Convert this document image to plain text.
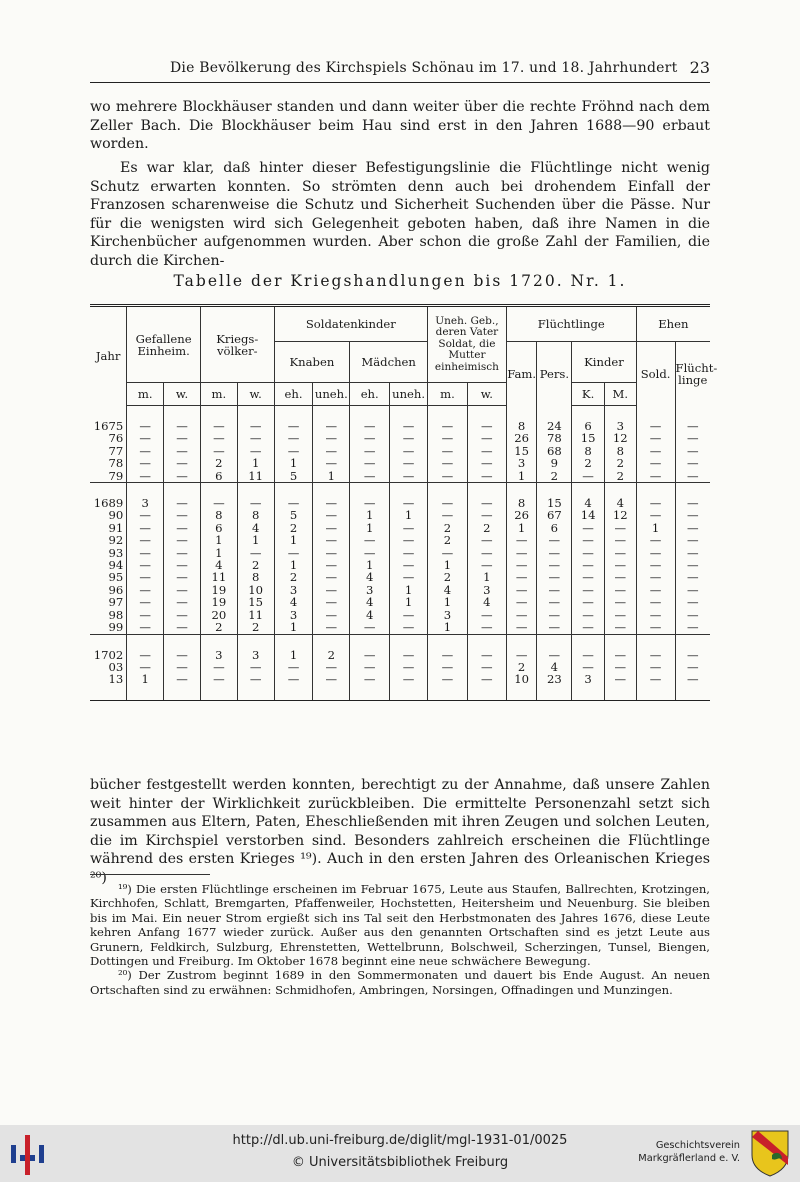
Die Bevölkerung des Kirchspiels Schönau im 17. und 18. Jahrhundert 23

wo mehrere Blockhäuser standen und dann weiter über die rechte Fröhnd nach dem Zeller Bach. Die Blockhäuser beim Hau sind erst in den Jahren 1688—90 erbaut worden.

Es war klar, daß hinter dieser Befestigungslinie die Flüchtlinge nicht wenig Schutz erwarten konnten. So strömten denn auch bei drohendem Einfall der Franzosen scharenweise die Schutz und Sicherheit Suchenden über die Pässe. Nur für die wenigsten wird sich Gelegenheit geboten haben, daß ihre Namen in die Kirchenbücher aufgenommen wurden. Aber schon die große Zahl der Familien, die durch die Kirchen-

Tabelle der Kriegshandlungen bis 1720. Nr. 1.
Jahr	Gefallene Einheim.		Kriegs- völker-		Soldatenkinder				Uneh. Geb., deren Vater Soldat, die Mutter einheimisch		Flüchtlinge				Ehen	
					Knaben		Mädchen				Fam.	Pers.	Kinder		Sold.	Flücht- linge
	m.	w.	m.	w.	eh.	uneh.	eh.	uneh.	m.	w.			K.	M.		

1675	—	—	—	—	—	—	—	—	—	—	8	24	6	3	—	—
76	—	—	—	—	—	—	—	—	—	—	26	78	15	12	—	—
77	—	—	—	—	—	—	—	—	—	—	15	68	8	8	—	—
78	—	—	2	1	1	—	—	—	—	—	3	9	2	2	—	—
79	—	—	6	11	5	1	—	—	—	—	1	2	—	2	—	—

1689	3	—	—	—	—	—	—	—	—	—	8	15	4	4	—	—
90	—	—	8	8	5	—	1	1	—	—	26	67	14	12	—	—
91	—	—	6	4	2	—	1	—	2	2	1	6	—	—	1	—
92	—	—	1	1	1	—	—	—	2	—	—	—	—	—	—	—
93	—	—	1	—	—	—	—	—	—	—	—	—	—	—	—	—
94	—	—	4	2	1	—	1	—	1	—	—	—	—	—	—	—
95	—	—	11	8	2	—	4	—	2	1	—	—	—	—	—	—
96	—	—	19	10	3	—	3	1	4	3	—	—	—	—	—	—
97	—	—	19	15	4	—	4	1	1	4	—	—	—	—	—	—
98	—	—	20	11	3	—	4	—	3	—	—	—	—	—	—	—
99	—	—	2	2	1	—	—	—	1	—	—	—	—	—	—	—

1702	—	—	3	3	1	2	—	—	—	—	—	—	—	—	—	—
03	—	—	—	—	—	—	—	—	—	—	2	4	—	—	—	—
13	1	—	—	—	—	—	—	—	—	—	10	23	3	—	—	—

bücher festgestellt werden konnten, berechtigt zu der Annahme, daß unsere Zahlen weit hinter der Wirklichkeit zurückbleiben. Die ermittelte Personenzahl setzt sich zusammen aus Eltern, Paten, Eheschließenden mit ihren Zeugen und solchen Leuten, die im Kirchspiel verstorben sind. Besonders zahlreich erscheinen die Flüchtlinge während des ersten Krieges ¹⁹). Auch in den ersten Jahren des Orleanischen Krieges ²⁰)

¹⁹) Die ersten Flüchtlinge erscheinen im Februar 1675, Leute aus Staufen, Ballrechten, Krotzingen, Kirchhofen, Schlatt, Bremgarten, Pfaffenweiler, Hochstetten, Heitersheim und Neuenburg. Sie bleiben bis im Mai. Ein neuer Strom ergießt sich ins Tal seit den Herbstmonaten des Jahres 1676, diese Leute kehren Anfang 1677 wieder zurück. Außer aus den genannten Ortschaften sind es jetzt Leute aus Grunern, Feldkirch, Sulzburg, Ehrenstetten, Wettelbrunn, Bolschweil, Scherzingen, Tunsel, Biengen, Dottingen und Freiburg. Im Oktober 1678 beginnt eine neue schwächere Bewegung.

²⁰) Der Zustrom beginnt 1689 in den Sommermonaten und dauert bis Ende August. An neuen Ortschaften sind zu erwähnen: Schmidhofen, Ambringen, Norsingen, Offnadingen und Munzingen.

http://dl.ub.uni-freiburg.de/diglit/mgl-1931-01/0025
© Universitätsbibliothek Freiburg
Geschichtsverein
Markgräflerland e. V.
